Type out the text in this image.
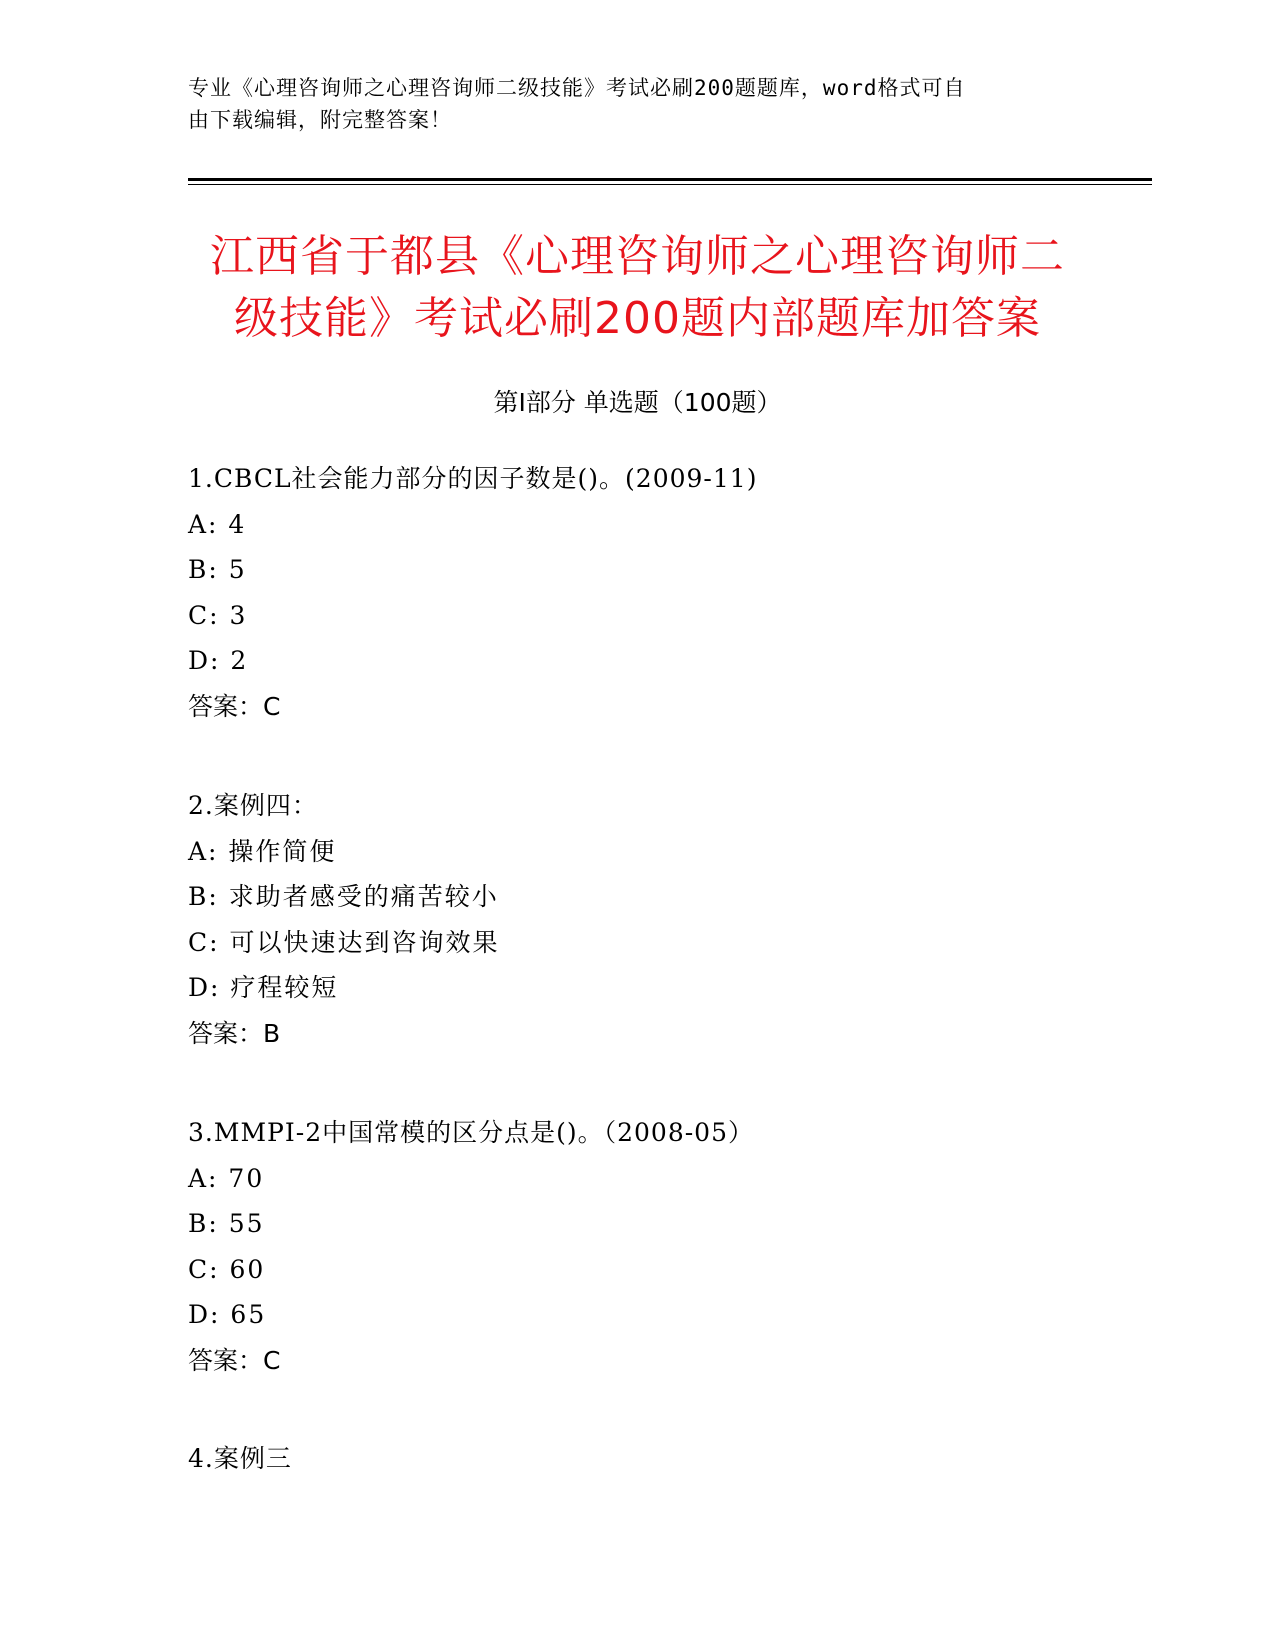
专业《心理咨询师之心理咨询师二级技能》考试必刷200题题库，word格式可自
由下载编辑，附完整答案！
江西省于都县《心理咨询师之心理咨询师二
级技能》考试必刷200题内部题库加答案
第Ⅰ部分 单选题（100题）
1.CBCL社会能力部分的因子数是()。(2009-11)
A: 4
B: 5
C: 3
D: 2
答案：C
2.案例四：
A: 操作简便
B: 求助者感受的痛苦较小
C: 可以快速达到咨询效果
D: 疗程较短
答案：B
3.MMPI-2中国常模的区分点是()。（2008-05）
A: 70
B: 55
C: 60
D: 65
答案：C
4.案例三
